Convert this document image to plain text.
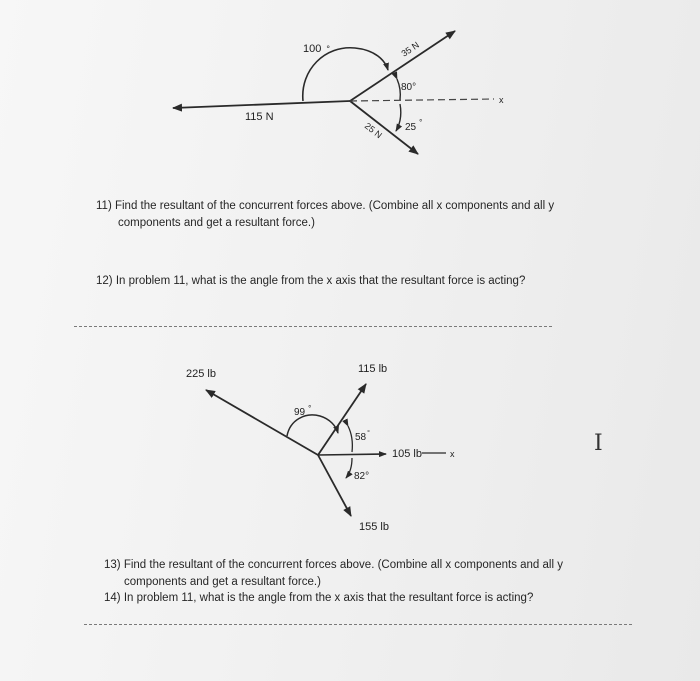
100 °	35 N
80°
x
115 N
25 N 25 °

11) Find the resultant of the concurrent forces above. (Combine all x components and all y
components and get a resultant force.)

12) In problem 11, what is the angle from the x axis that the resultant force is acting?

225 lb	115 lb
99 °
58°
105 lb	x
82°
155 lb
I

13) Find the resultant of the concurrent forces above. (Combine all x components and all y
components and get a resultant force.)

14) In problem 11, what is the angle from the x axis that the resultant force is acting?
